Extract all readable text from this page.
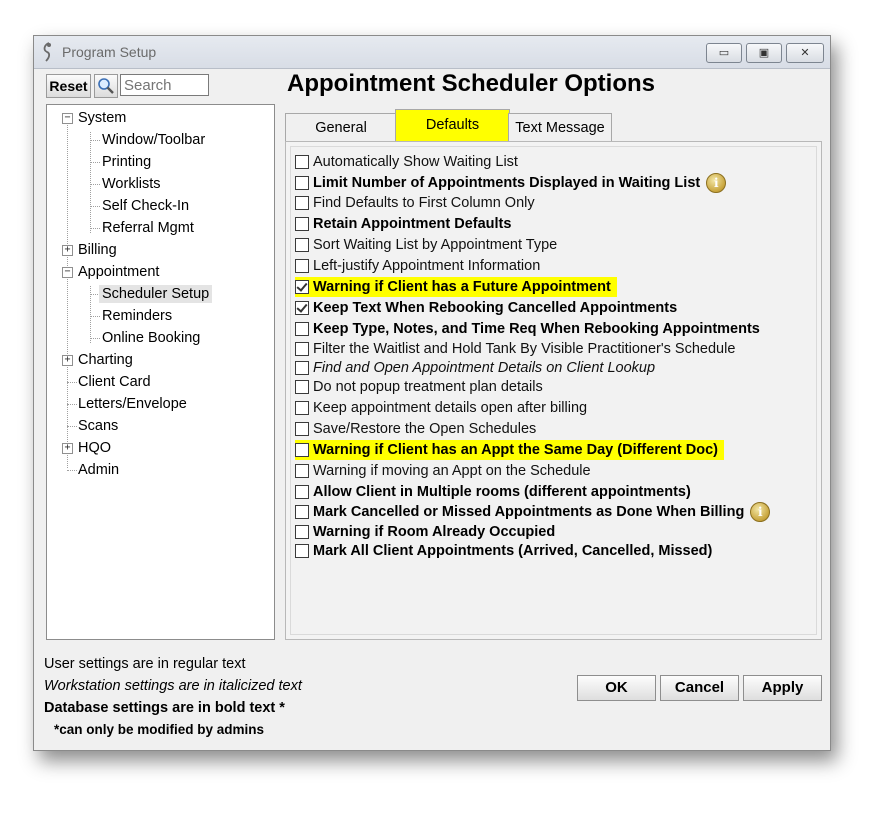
Program Setup	▭	▣	✕
Reset
Search
−
+
−
+
+
System
Window/Toolbar
Printing
Worklists
Self Check-In
Referral Mgmt
Billing
Appointment
Scheduler Setup
Reminders
Online Booking
Charting
Client Card
Letters/Envelope
Scans
HQO
Admin
Appointment Scheduler Options
General	Defaults	Text Message
Automatically Show Waiting List
Limit Number of Appointments Displayed in Waiting List	i
Find Defaults to First Column Only
Retain Appointment Defaults
Sort Waiting List by Appointment Type
Left-justify Appointment Information
Warning if Client has a Future Appointment
Keep Text When Rebooking Cancelled Appointments
Keep Type, Notes, and Time Req When Rebooking Appointments
Filter the Waitlist and Hold Tank By Visible Practitioner's Schedule
Find and Open Appointment Details on Client Lookup
Do not popup treatment plan details
Keep appointment details open after billing
Save/Restore the Open Schedules
Warning if Client has an Appt the Same Day (Different Doc)
Warning if moving an Appt on the Schedule
Allow Client in Multiple rooms (different appointments)
Mark Cancelled or Missed Appointments as Done When Billing	i
Warning if Room Already Occupied
Mark All Client Appointments (Arrived, Cancelled, Missed)
User settings are in regular text
Workstation settings are in italicized text
Database settings are in bold text *
*can only be modified by admins
OK	Cancel	Apply
